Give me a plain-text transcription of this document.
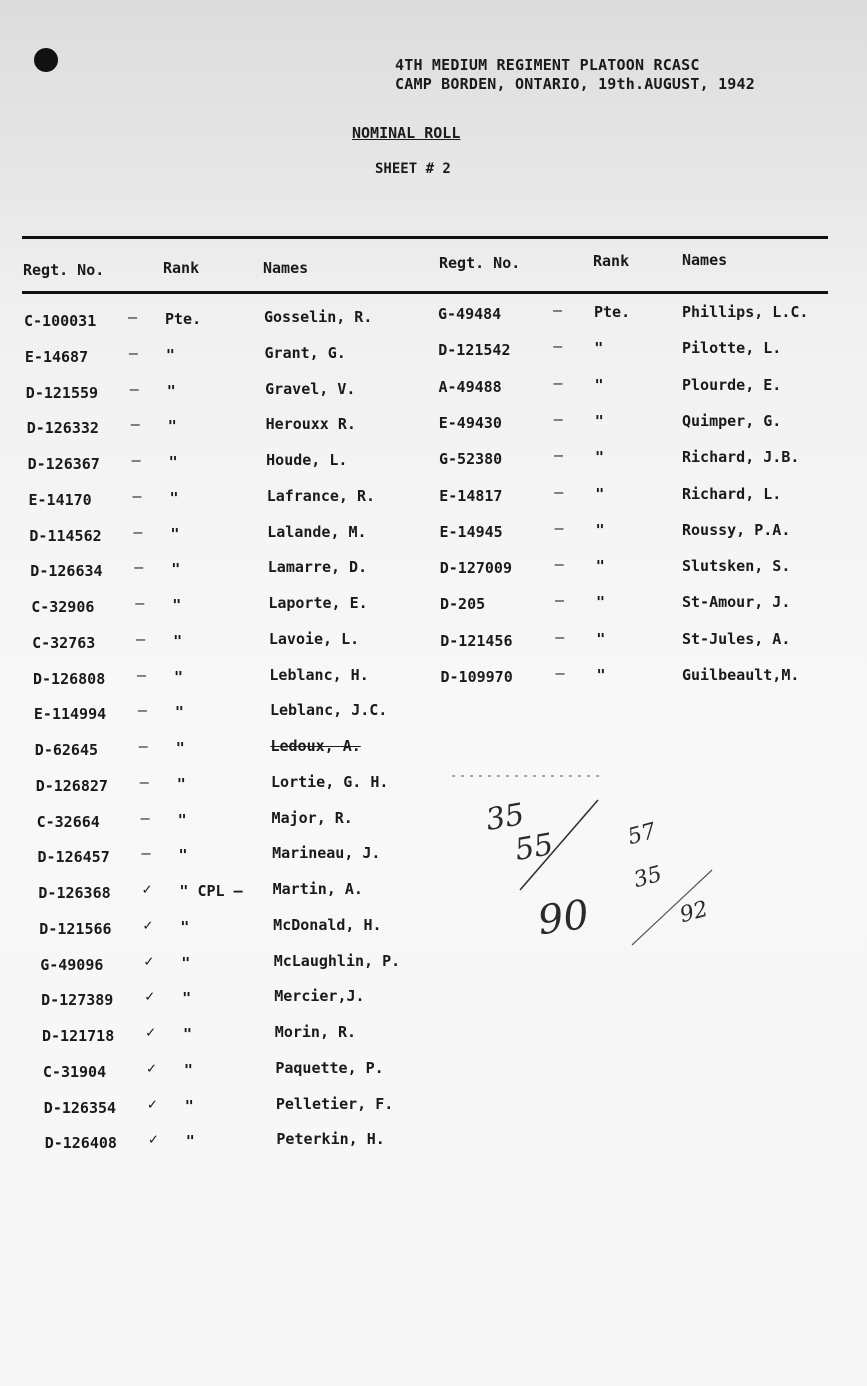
4TH MEDIUM REGIMENT PLATOON RCASC
CAMP BORDEN, ONTARIO, 19th.AUGUST, 1942
NOMINAL ROLL
SHEET # 2
Regt. No.	Rank	Names	Regt. No.	Rank	Names
C-100031 – Pte.	Gosselin, R.
E-14687	– "	Grant, G.
D-121559 – "	Gravel, V.
D-126332 – "	Herouxx R.
D-126367 – "	Houde, L.
E-14170	– "	Lafrance, R.
D-114562 – "	Lalande, M.
D-126634 – "	Lamarre, D.
C-32906	– "	Laporte, E.
C-32763	– "	Lavoie, L.
D-126808 – "	Leblanc, H.
E-114994 – "	Leblanc, J.C.
D-62645	– "	Ledoux, A.
D-126827 – "	Lortie, G. H.
C-32664	– "	Major, R.
D-126457 – "	Marineau, J.
D-126368 ✓ " CPL – Martin, A.
D-121566 ✓ "	McDonald, H.
G-49096	✓ "	McLaughlin, P.
D-127389 ✓ "	Mercier,J.
D-121718 ✓ "	Morin, R.
C-31904	✓ "	Paquette, P.
D-126354 ✓ "	Pelletier, F.
D-126408 ✓ "	Peterkin, H.
G-49484	– Pte.	Phillips, L.C.
D-121542	– "	Pilotte, L.
A-49488	– "	Plourde, E.
E-49430	– "	Quimper, G.
G-52380	– "	Richard, J.B.
E-14817	– "	Richard, L.
E-14945	– "	Roussy, P.A.
D-127009	– "	Slutsken, S.
D-205	– "	St-Amour, J.
D-121456	– "	St-Jules, A.
D-109970	– "	Guilbeault,M.
35
55
90
57
35
92
